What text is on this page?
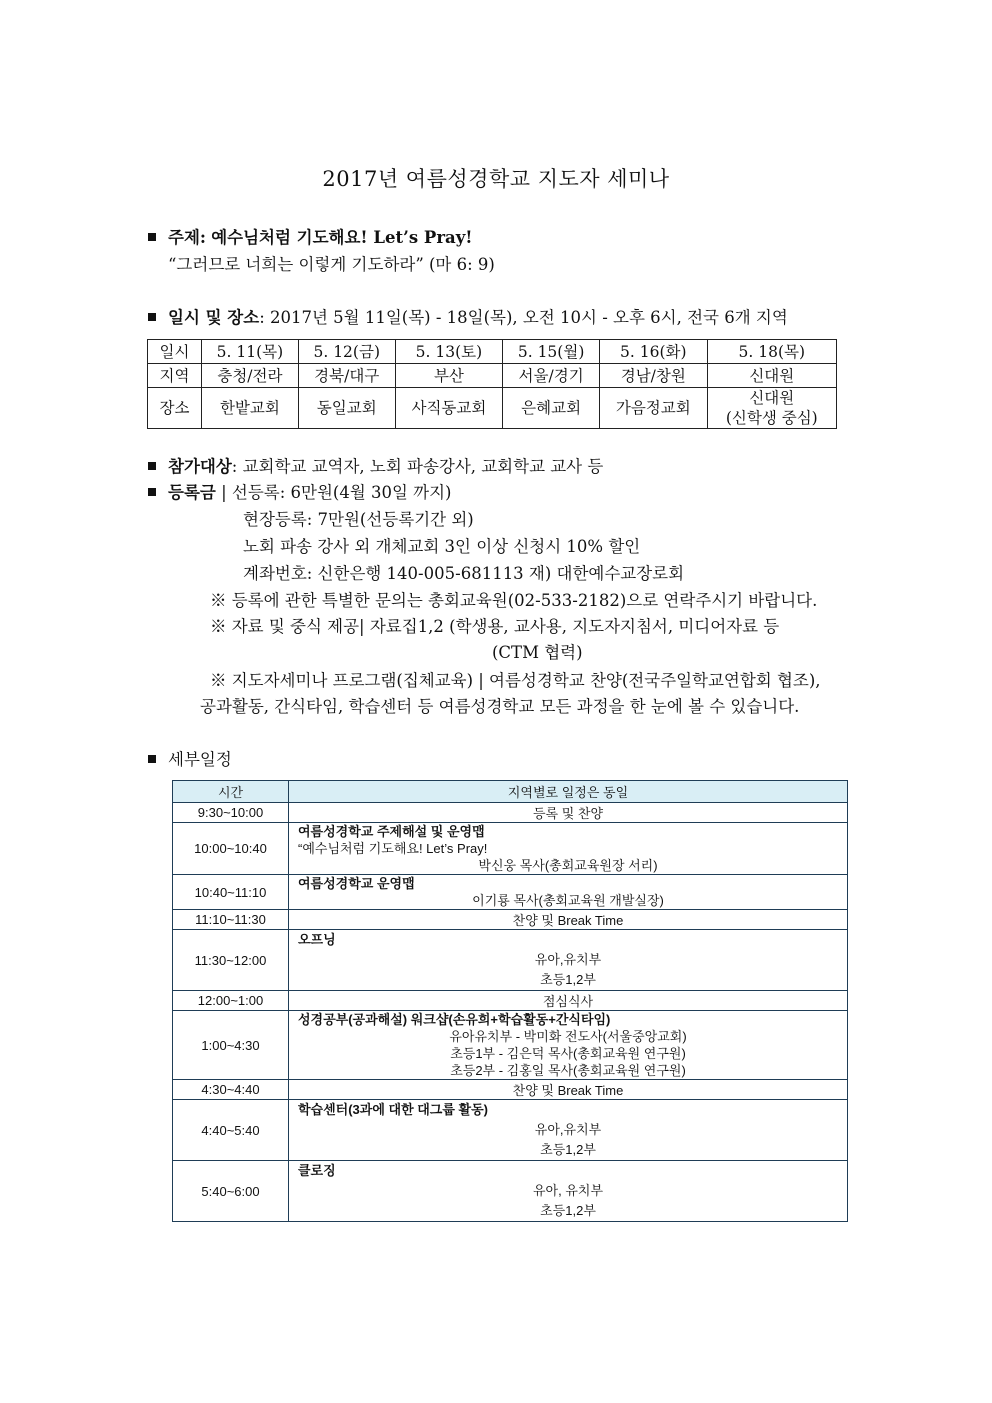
2017년 여름성경학교 지도자 세미나
주제: 예수님처럼 기도해요! Let’s Pray!
“그러므로 너희는 이렇게 기도하라” (마 6: 9)
일시 및 장소: 2017년 5월 11일(목) - 18일(목), 오전 10시 - 오후 6시, 전국 6개 지역
일시	5. 11(목)	5. 12(금)	5. 13(토)	5. 15(월)	5. 16(화)	5. 18(목)
지역	충청/전라	경북/대구	부산	서울/경기	경남/창원	신대원
장소	한밭교회	동일교회	사직동교회	은혜교회	가음정교회	신대원
(신학생 중심)
참가대상: 교회학교 교역자, 노회 파송강사, 교회학교 교사 등
등록금 | 선등록: 6만원(4월 30일 까지)
현장등록: 7만원(선등록기간 외)
노회 파송 강사 외 개체교회 3인 이상 신청시 10% 할인
계좌번호: 신한은행 140-005-681113 재) 대한예수교장로회
※ 등록에 관한 특별한 문의는 총회교육원(02-533-2182)으로 연락주시기 바랍니다.
※ 자료 및 중식 제공| 자료집1,2 (학생용, 교사용, 지도자지침서, 미디어자료 등
(CTM 협력)
※ 지도자세미나 프로그램(집체교육) | 여름성경학교 찬양(전국주일학교연합회 협조),
공과활동, 간식타임, 학습센터 등 여름성경학교 모든 과정을 한 눈에 볼 수 있습니다.
세부일정
시간	지역별로 일정은 동일
9:30~10:00	등록 및 찬양
10:00~10:40	여름성경학교 주제해설 및 운영맵
“예수님처럼 기도해요! Let’s Pray!
박신웅 목사(총회교육원장 서리)

10:40~11:10	여름성경학교 운영맵
이기룡 목사(총회교육원 개발실장)

11:10~11:30	찬양 및 Break Time
11:30~12:00	오프닝
유아,유치부
초등1,2부

12:00~1:00	점심식사
1:00~4:30	성경공부(공과해설) 워크샵(손유희+학습활동+간식타임)
유아유치부 - 박미화 전도사(서울중앙교회)
초등1부 - 김은덕 목사(총회교육원 연구원)
초등2부 - 김홍일 목사(총회교육원 연구원)

4:30~4:40	찬양 및 Break Time
4:40~5:40	학습센터(3과에 대한 대그룹 활동)
유아,유치부
초등1,2부

5:40~6:00	클로징
유아, 유치부
초등1,2부
